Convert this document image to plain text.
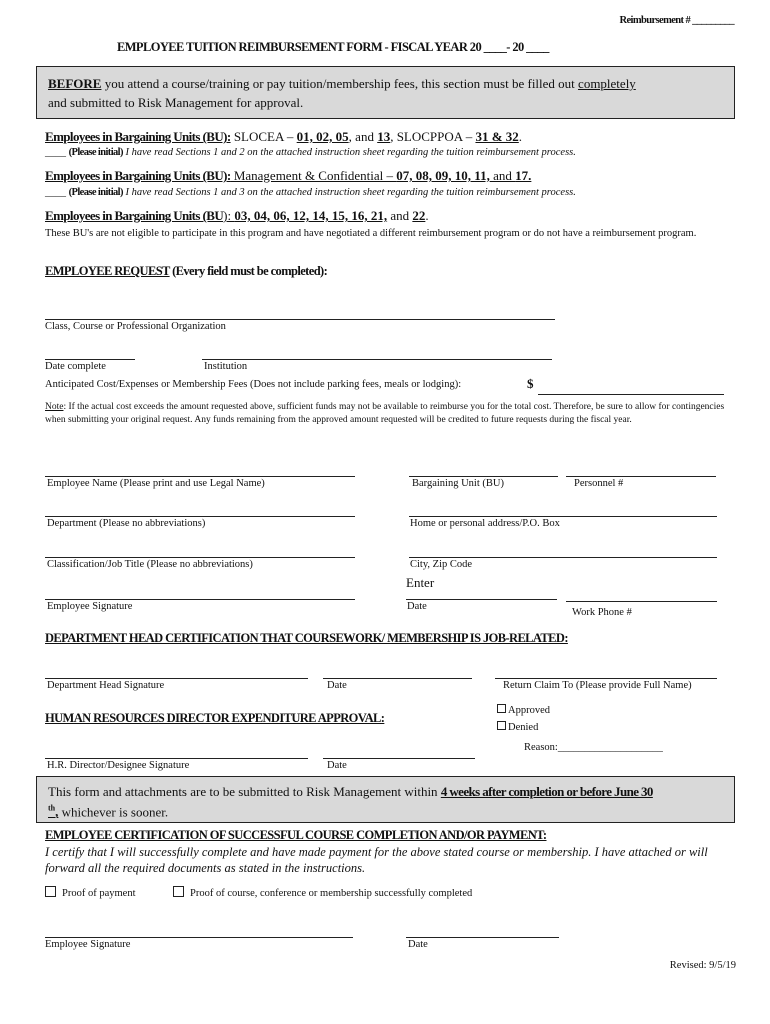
Reimbursement # _________
EMPLOYEE TUITION REIMBURSEMENT FORM - FISCAL YEAR 20 ____- 20 ____
BEFORE you attend a course/training or pay tuition/membership fees, this section must be filled out completely
and submitted to Risk Management for approval.
Employees in Bargaining Units (BU): SLOCEA – 01, 02, 05, and 13, SLOCPPOA – 31 & 32.
____ (Please initial) I have read Sections 1 and 2 on the attached instruction sheet regarding the tuition reimbursement process.
Employees in Bargaining Units (BU): Management & Confidential – 07, 08, 09, 10, 11, and 17.
____ (Please initial) I have read Sections 1 and 3 on the attached instruction sheet regarding the tuition reimbursement process.
Employees in Bargaining Units (BU): 03, 04, 06, 12, 14, 15, 16, 21, and 22.
These BU's are not eligible to participate in this program and have negotiated a different reimbursement program or do not have a reimbursement program.
EMPLOYEE REQUEST (Every field must be completed):
Class, Course or Professional Organization
Date complete	Institution
Anticipated Cost/Expenses or Membership Fees (Does not include parking fees, meals or lodging):	$
Note: If the actual cost exceeds the amount requested above, sufficient funds may not be available to reimburse you for the total cost. Therefore, be sure to allow for contingencies when submitting your original request. Any funds remaining from the approved amount requested will be credited to future requests during the fiscal year.
Employee Name (Please print and use Legal Name)	Bargaining Unit (BU)	Personnel #
Department (Please no abbreviations)	Home or personal address/P.O. Box
Classification/Job Title (Please no abbreviations)	City, Zip Code
Enter
Employee Signature	Date
Work Phone #
DEPARTMENT HEAD CERTIFICATION THAT COURSEWORK/ MEMBERSHIP IS JOB-RELATED:
Department Head Signature	Date	Return Claim To (Please provide Full Name)
HUMAN RESOURCES DIRECTOR EXPENDITURE APPROVAL:
Approved
Denied
Reason:____________________
H.R. Director/Designee Signature	Date
This form and attachments are to be submitted to Risk Management within 4 weeks after completion or before June 30
$^{th}$, whichever is sooner.
EMPLOYEE CERTIFICATION OF SUCCESSFUL COURSE COMPLETION AND/OR PAYMENT:
I certify that I will successfully complete and have made payment for the above stated course or membership. I have attached or will forward all the required documents as stated in the instructions.
Proof of payment	Proof of course, conference or membership successfully completed
Employee Signature	Date
Revised: 9/5/19
